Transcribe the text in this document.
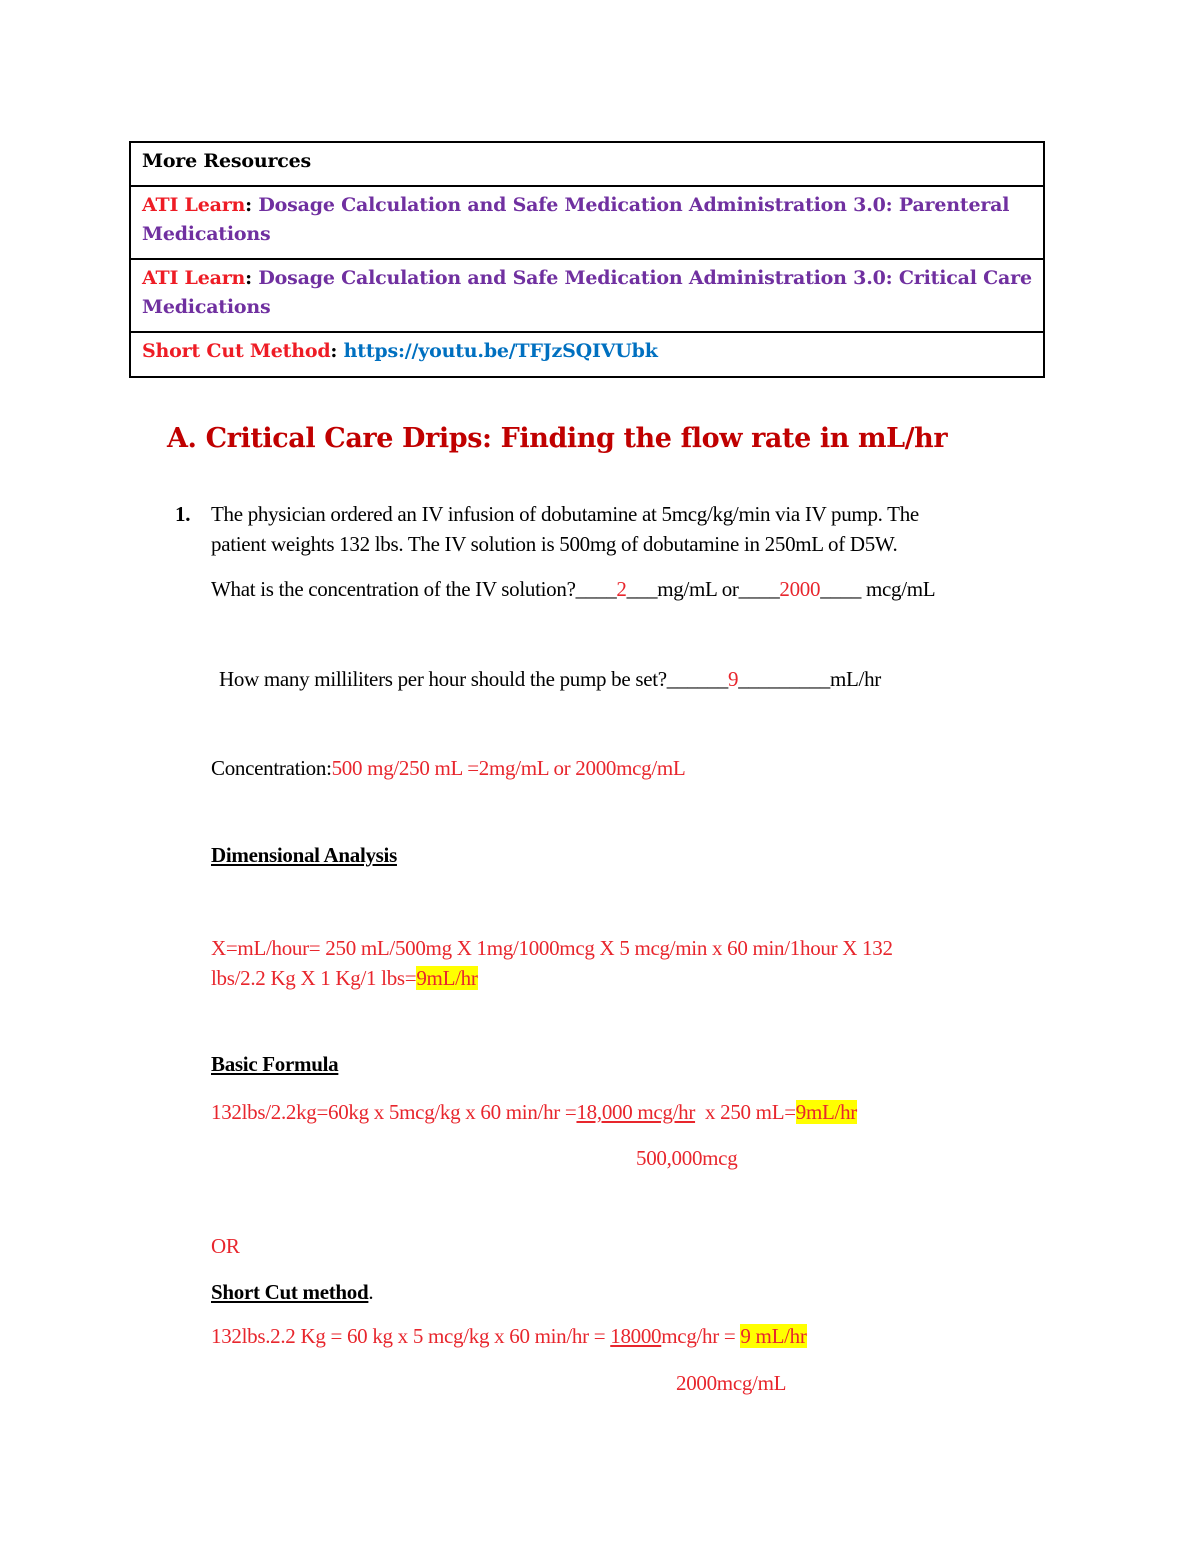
More Resources
ATI Learn: Dosage Calculation and Safe Medication Administration 3.0: Parenteral
Medications
ATI Learn: Dosage Calculation and Safe Medication Administration 3.0: Critical Care
Medications
Short Cut Method: https://youtu.be/TFJzSQIVUbk
A. Critical Care Drips: Finding the flow rate in mL/hr
1. The physician ordered an IV infusion of dobutamine at 5mcg/kg/min via IV pump. The
patient weights 132 lbs. The IV solution is 500mg of dobutamine in 250mL of D5W.
What is the concentration of the IV solution?____2___mg/mL or____2000____ mcg/mL
How many milliliters per hour should the pump be set?______9_________mL/hr
Concentration:500 mg/250 mL =2mg/mL or 2000mcg/mL
Dimensional Analysis
X=mL/hour= 250 mL/500mg X 1mg/1000mcg X 5 mcg/min x 60 min/1hour X 132
lbs/2.2 Kg X 1 Kg/1 lbs=9mL/hr
Basic Formula
132lbs/2.2kg=60kg x 5mcg/kg x 60 min/hr =18,000 mcg/hr  x 250 mL=9mL/hr
500,000mcg
OR
Short Cut method.
132lbs.2.2 Kg = 60 kg x 5 mcg/kg x 60 min/hr = 18000mcg/hr = 9 mL/hr
2000mcg/mL
